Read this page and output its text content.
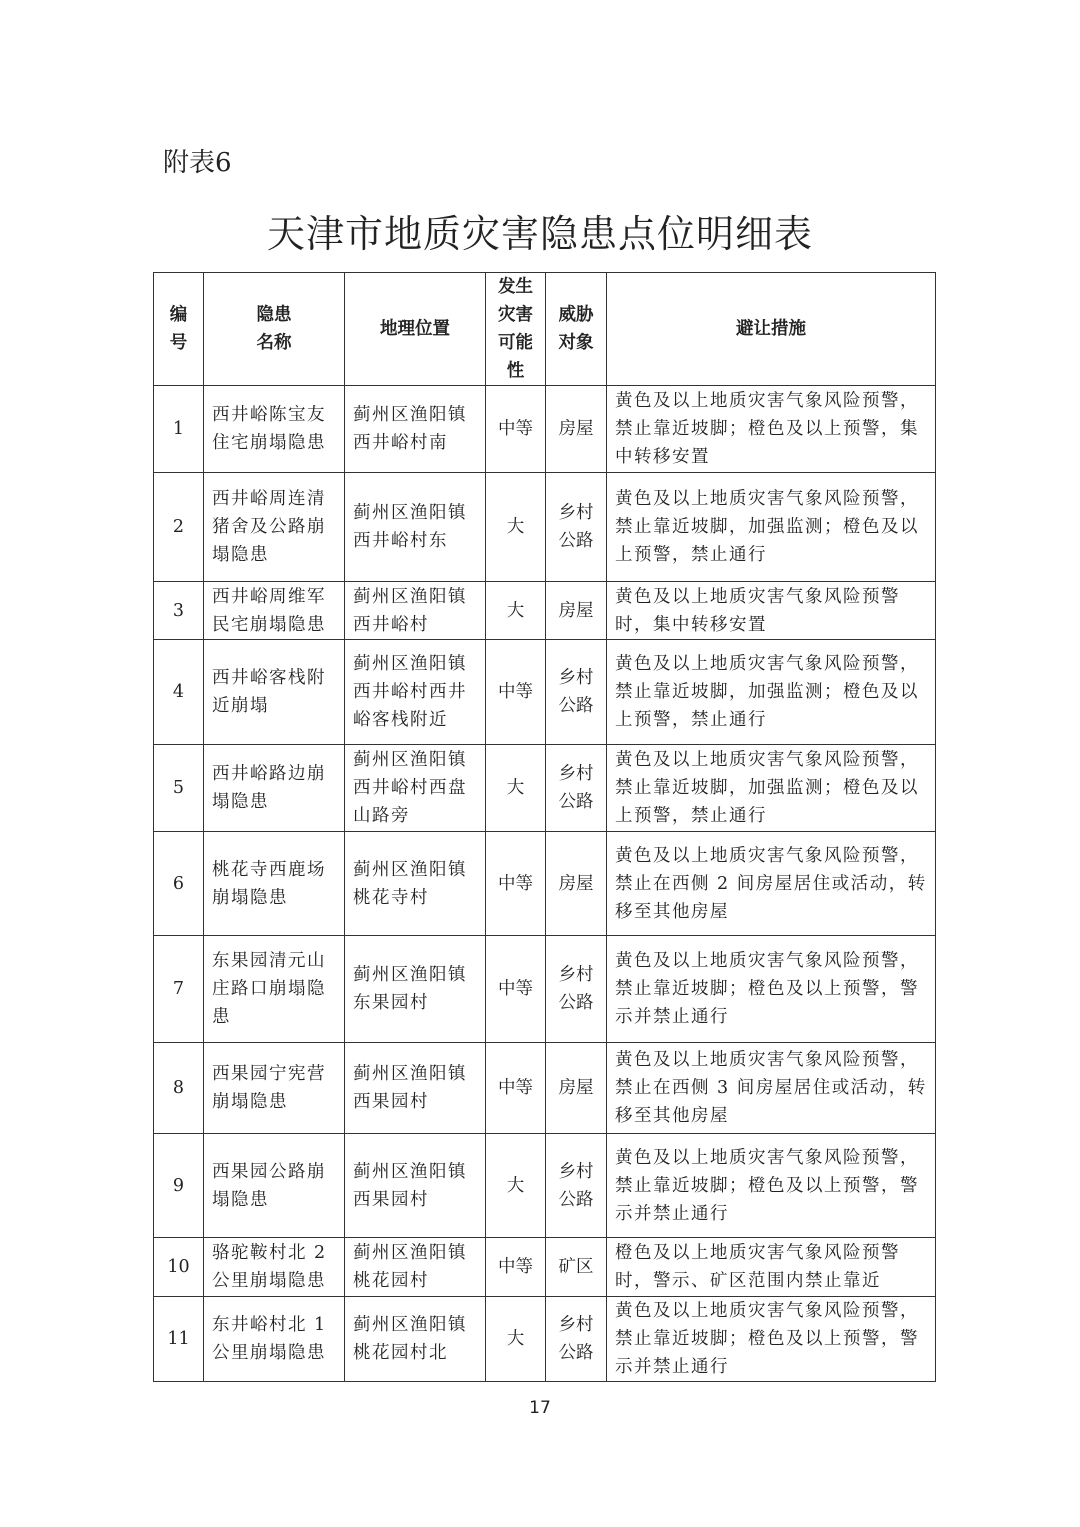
附表6
天津市地质灾害隐患点位明细表
编
号	隐患
名称	地理位置	发生
灾害
可能
性	威胁
对象	避让措施
1	西井峪陈宝友
住宅崩塌隐患	蓟州区渔阳镇
西井峪村南	中等	房屋	黄色及以上地质灾害气象风险预警，
禁止靠近坡脚；橙色及以上预警，集
中转移安置
2	西井峪周连清
猪舍及公路崩
塌隐患	蓟州区渔阳镇
西井峪村东	大	乡村
公路	黄色及以上地质灾害气象风险预警，
禁止靠近坡脚，加强监测；橙色及以
上预警，禁止通行
3	西井峪周维军
民宅崩塌隐患	蓟州区渔阳镇
西井峪村	大	房屋	黄色及以上地质灾害气象风险预警
时，集中转移安置
4	西井峪客栈附
近崩塌	蓟州区渔阳镇
西井峪村西井
峪客栈附近	中等	乡村
公路	黄色及以上地质灾害气象风险预警，
禁止靠近坡脚，加强监测；橙色及以
上预警，禁止通行
5	西井峪路边崩
塌隐患	蓟州区渔阳镇
西井峪村西盘
山路旁	大	乡村
公路	黄色及以上地质灾害气象风险预警，
禁止靠近坡脚，加强监测；橙色及以
上预警，禁止通行
6	桃花寺西鹿场
崩塌隐患	蓟州区渔阳镇
桃花寺村	中等	房屋	黄色及以上地质灾害气象风险预警，
禁止在西侧 2 间房屋居住或活动，转
移至其他房屋
7	东果园清元山
庄路口崩塌隐
患	蓟州区渔阳镇
东果园村	中等	乡村
公路	黄色及以上地质灾害气象风险预警，
禁止靠近坡脚；橙色及以上预警，警
示并禁止通行
8	西果园宁宪营
崩塌隐患	蓟州区渔阳镇
西果园村	中等	房屋	黄色及以上地质灾害气象风险预警，
禁止在西侧 3 间房屋居住或活动，转
移至其他房屋
9	西果园公路崩
塌隐患	蓟州区渔阳镇
西果园村	大	乡村
公路	黄色及以上地质灾害气象风险预警，
禁止靠近坡脚；橙色及以上预警，警
示并禁止通行
10	骆驼鞍村北 2
公里崩塌隐患	蓟州区渔阳镇
桃花园村	中等	矿区	橙色及以上地质灾害气象风险预警
时，警示、矿区范围内禁止靠近
11	东井峪村北 1
公里崩塌隐患	蓟州区渔阳镇
桃花园村北	大	乡村
公路	黄色及以上地质灾害气象风险预警，
禁止靠近坡脚；橙色及以上预警，警
示并禁止通行
17
